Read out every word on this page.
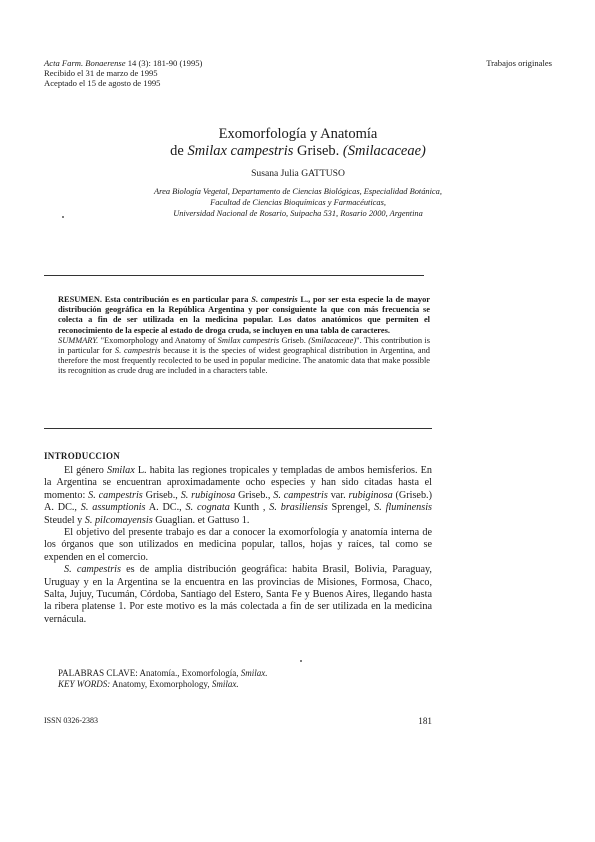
Acta Farm. Bonaerense 14 (3): 181-90 (1995)
Recibido el 31 de marzo de 1995
Aceptado el 15 de agosto de 1995
Trabajos originales
Exomorfología y Anatomía
de Smilax campestris Griseb. (Smilacaceae)
Susana Julia GATTUSO
Area Biología Vegetal, Departamento de Ciencias Biológicas, Especialidad Botánica,
Facultad de Ciencias Bioquímicas y Farmacéuticas,
Universidad Nacional de Rosario, Suipacha 531, Rosario 2000, Argentina
RESUMEN. Esta contribución es en particular para S. campestris L., por ser esta especie la de mayor distribución geográfica en la República Argentina y por consiguiente la que con más frecuencia se colecta a fin de ser utilizada en la medicina popular. Los datos anatómicos que permiten el reconocimiento de la especie al estado de droga cruda, se incluyen en una tabla de caracteres.
SUMMARY. "Exomorphology and Anatomy of Smilax campestris Griseb. (Smilacaceae)". This contribution is in particular for S. campestris because it is the species of widest geographical distribution in Argentina, and therefore the most frequently recolected to be used in popular medicine. The anatomic data that make possible its recognition as crude drug are included in a characters table.
INTRODUCCION

El género Smilax L. habita las regiones tropicales y templadas de ambos hemisferios. En la Argentina se encuentran aproximadamente ocho especies y han sido citadas hasta el momento: S. campestris Griseb., S. rubiginosa Griseb., S. campestris var. rubiginosa (Griseb.) A. DC., S. assumptionis A. DC., S. cognata Kunth , S. brasiliensis Sprengel, S. fluminensis Steudel y S. pilcomayensis Guaglian. et Gattuso 1.

El objetivo del presente trabajo es dar a conocer la exomorfología y anatomía interna de los órganos que son utilizados en medicina popular, tallos, hojas y raíces, tal como se expenden en el comercio.

S. campestris es de amplia distribución geográfica: habita Brasil, Bolivia, Paraguay, Uruguay y en la Argentina se la encuentra en las provincias de Misiones, Formosa, Chaco, Salta, Jujuy, Tucumán, Córdoba, Santiago del Estero, Santa Fe y Buenos Aires, llegando hasta la ribera platense 1. Por este motivo es la más colectada a fin de ser utilizada en la medicina vernácula.

PALABRAS CLAVE: Anatomía., Exomorfología, Smilax.
KEY WORDS: Anatomy, Exomorphology, Smilax.
ISSN 0326-2383	181
